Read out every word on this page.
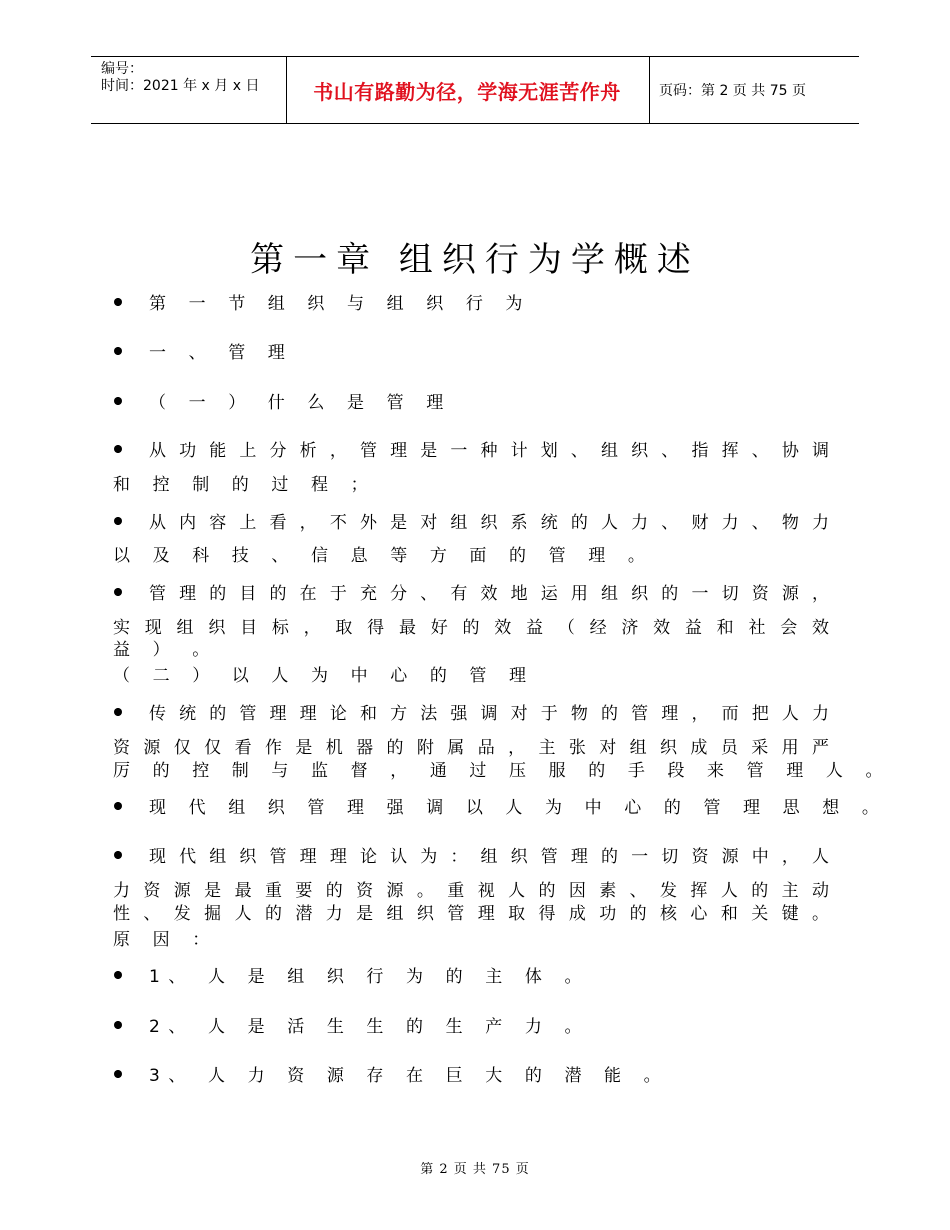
编号：
时间：2021 年 x 月 x 日	书山有路勤为径，学海无涯苦作舟	页码：第 2 页 共 75 页
第一章 组织行为学概述
第 一 节 组 织 与 组 织 行 为
一 、 管 理
（ 一 ） 什 么 是 管 理
从 功 能 上 分 析 ， 管 理 是 一 种 计 划 、 组 织 、 指 挥 、 协 调
和 控 制 的 过 程 ；
从 内 容 上 看 ， 不 外 是 对 组 织 系 统 的 人 力 、 财 力 、 物 力
以 及 科 技 、 信 息 等 方 面 的 管 理 。
管 理 的 目 的 在 于 充 分 、 有 效 地 运 用 组 织 的 一 切 资 源 ，
实 现 组 织 目 标 ， 取 得 最 好 的 效 益 （ 经 济 效 益 和 社 会 效
益 ） 。
（ 二 ） 以 人 为 中 心 的 管 理
传 统 的 管 理 理 论 和 方 法 强 调 对 于 物 的 管 理 ， 而 把 人 力
资 源 仅 仅 看 作 是 机 器 的 附 属 品 ， 主 张 对 组 织 成 员 采 用 严
厉 的 控 制 与 监 督 ， 通 过 压 服 的 手 段 来 管 理 人 。
现 代 组 织 管 理 强 调 以 人 为 中 心 的 管 理 思 想 。
现 代 组 织 管 理 理 论 认 为 ： 组 织 管 理 的 一 切 资 源 中 ， 人
力 资 源 是 最 重 要 的 资 源 。 重 视 人 的 因 素 、 发 挥 人 的 主 动
性 、 发 掘 人 的 潜 力 是 组 织 管 理 取 得 成 功 的 核 心 和 关 键 。
原 因 ：
1、 人 是 组 织 行 为 的 主 体 。
2、 人 是 活 生 生 的 生 产 力 。
3、 人 力 资 源 存 在 巨 大 的 潜 能 。
第 2 页 共 75 页
